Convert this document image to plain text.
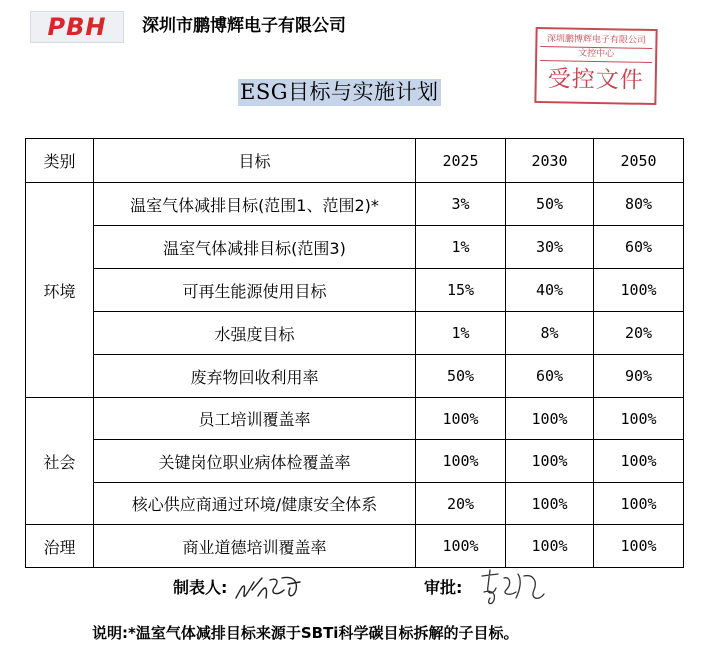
PBH	深圳市鹏博辉电子有限公司
深圳鹏博辉电子有限公司
文控中心
受控文件
ESG目标与实施计划
类别	目标	2025	2030	2050
环境	温室气体减排目标(范围1、范围2)*	3%	50%	80%
	温室气体减排目标(范围3)	1%	30%	60%
	可再生能源使用目标	15%	40%	100%
	水强度目标	1%	8%	20%
	废弃物回收利用率	50%	60%	90%
社会	员工培训覆盖率	100%	100%	100%
	关键岗位职业病体检覆盖率	100%	100%	100%
	核心供应商通过环境/健康安全体系	20%	100%	100%
治理	商业道德培训覆盖率	100%	100%	100%
制表人:	审批:
说明:*温室气体减排目标来源于SBTi科学碳目标拆解的子目标。
